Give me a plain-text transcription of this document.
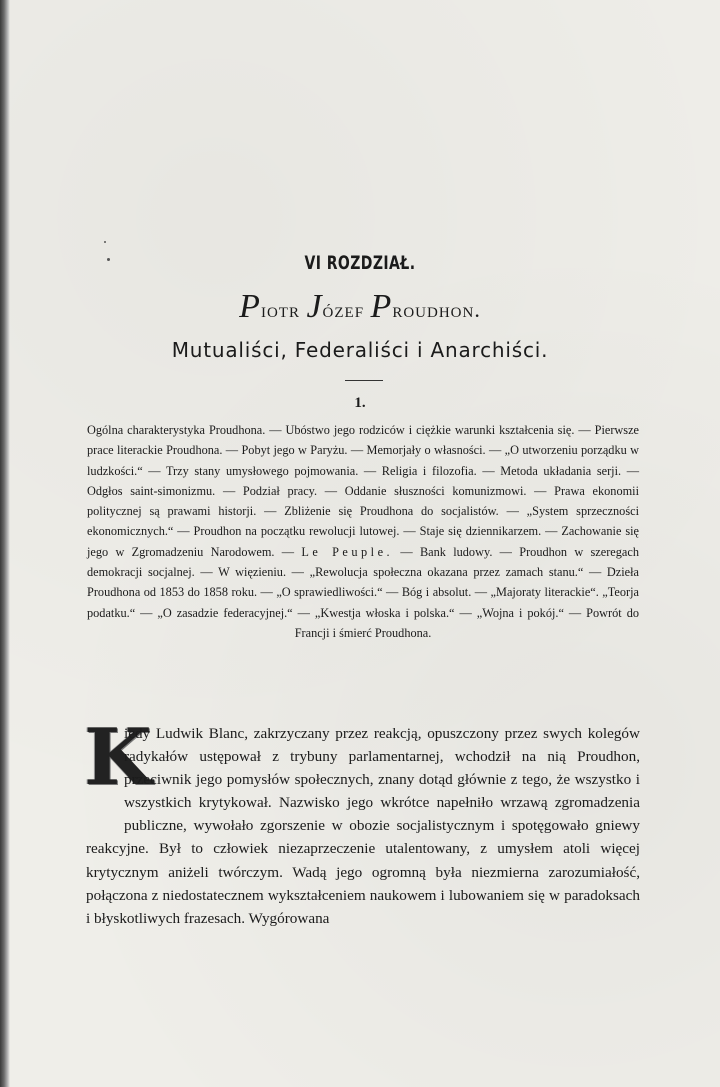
VI ROZDZIAŁ.
Piotr Józef Proudhon.
Mutualiści, Federaliści i Anarchiści.
1.
Ogólna charakterystyka Proudhona. — Ubóstwo jego rodziców i ciężkie warunki kształcenia się. — Pierwsze prace literackie Proudhona. — Pobyt jego w Paryżu. — Memorjały o własności. — „O utworzeniu porządku w ludzkości.“ — Trzy stany umysłowego pojmowania. — Religia i filozofia. — Metoda układania serji. — Odgłos saint-simonizmu. — Podział pracy. — Oddanie słuszności komunizmowi. — Prawa ekonomii politycznej są prawami historji. — Zbliżenie się Proudhona do socjalistów. — „System sprzeczności ekonomicznych.“ — Proudhon na początku rewolucji lutowej. — Staje się dziennikarzem. — Zachowanie się jego w Zgromadzeniu Narodowem. — Le Peuple. — Bank ludowy. — Proudhon w szeregach demokracji socjalnej. — W więzieniu. — „Rewolucja społeczna okazana przez zamach stanu.“ — Dzieła Proudhona od 1853 do 1858 roku. — „O sprawiedliwości.“ — Bóg i absolut. — „Majoraty literackie“. „Teorja podatku.“ — „O zasadzie federacyjnej.“ — „Kwestja włoska i polska.“ — „Wojna i pokój.“ — Powrót do Francji i śmierć Proudhona.

K
iedy Ludwik Blanc, zakrzyczany przez reakcją, opuszczony przez swych kolegów radykałów ustępował z trybuny parlamentarnej, wchodził na nią Proudhon, przeciwnik jego pomysłów społecznych, znany dotąd głównie z tego, że wszystko i wszystkich krytykował. Nazwisko jego wkrótce napełniło wrzawą zgromadzenia publiczne, wywołało zgorszenie w obozie socjalistycznym i spotęgowało gniewy reakcyjne. Był to człowiek niezaprzeczenie utalentowany, z umysłem atoli więcej krytycznym aniżeli twórczym. Wadą jego ogromną była niezmierna zarozumiałość, połączona z niedostatecznem wykształceniem naukowem i lubowaniem się w paradoksach i błyskotliwych frazesach. Wygórowana
